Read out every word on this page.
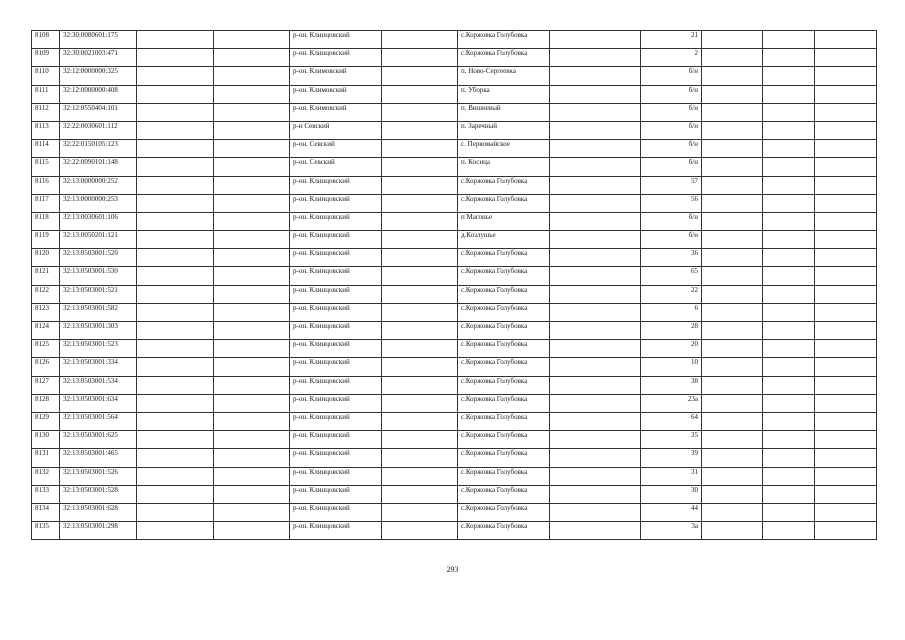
8108	32:30:0080601:175			р-он. Клинцовский		с.Коржовка Голубовка		21			
8109	32:30:0021003:471			р-он. Клинцовский		с.Коржовка Голубовка		2			
8110	32:12:0000000:325			р-он. Климовский		п. Ново-Сергеевка		б/н			
8111	32:12:0000000:408			р-он. Климовский		п. Уборка		б/н			
8112	32:12:0550404:101			р-он. Климовский		п. Вишневый		б/н			
8113	32:22:0030601:112			р-н Севский		п. Заречный		б/н			
8114	32:22:0150105:123			р-он. Севский		с. Первомайское		б/н			
8115	32:22:0090101:148			р-он. Севский		п. Косица		б/н			
8116	32:13:0000000:252			р-он. Клинцовский		с.Коржовка Голубовка		57			
8117	32:13:0000000:253			р-он. Клинцовский		с.Коржовка Голубовка		56			
8118	32:13:0030601:106			р-он. Клинцовский		п Магонье		б/н			
8119	32:13:0050201:121			р-он. Клинцовский		д.Козлушье		б/н			
8120	32:13:0503001:520			р-он. Клинцовский		с.Коржовка Голубовка		36			
8121	32:13:0503001:530			р-он. Клинцовский		с.Коржовка Голубовка		65			
8122	32:13:0503001:521			р-он. Клинцовский		с.Коржовка Голубовка		22			
8123	32:13:0503001:582			р-он. Клинцовский		с.Коржовка Голубовка		6			
8124	32:13:0503001:303			р-он. Клинцовский		с.Коржовка Голубовка		28			
8125	32:13:0503001:523			р-он. Клинцовский		с.Коржовка Голубовка		20			
8126	32:13:0503001:334			р-он. Клинцовский		с.Коржовка Голубовка		10			
8127	32:13:0503001:534			р-он. Клинцовский		с.Коржовка Голубовка		38			
8128	32:13:0503001:634			р-он. Клинцовский		с.Коржовка Голубовка		23а			
8129	32:13:0503001:564			р-он. Клинцовский		с.Коржовка Голубовка		64			
8130	32:13:0503001:625			р-он. Клинцовский		с.Коржовка Голубовка		35			
8131	32:13:0503001:465			р-он. Клинцовский		с.Коржовка Голубовка		39			
8132	32:13:0503001:526			р-он. Клинцовский		с.Коржовка Голубовка		31			
8133	32:13:0503001:528			р-он. Клинцовский		с.Коржовка Голубовка		30			
8134	32:13:0503001:628			р-он. Клинцовский		с.Коржовка Голубовка		44			
8135	32:13:0503001:298			р-он. Клинцовский		с.Коржовка Голубовка		3а			
293
